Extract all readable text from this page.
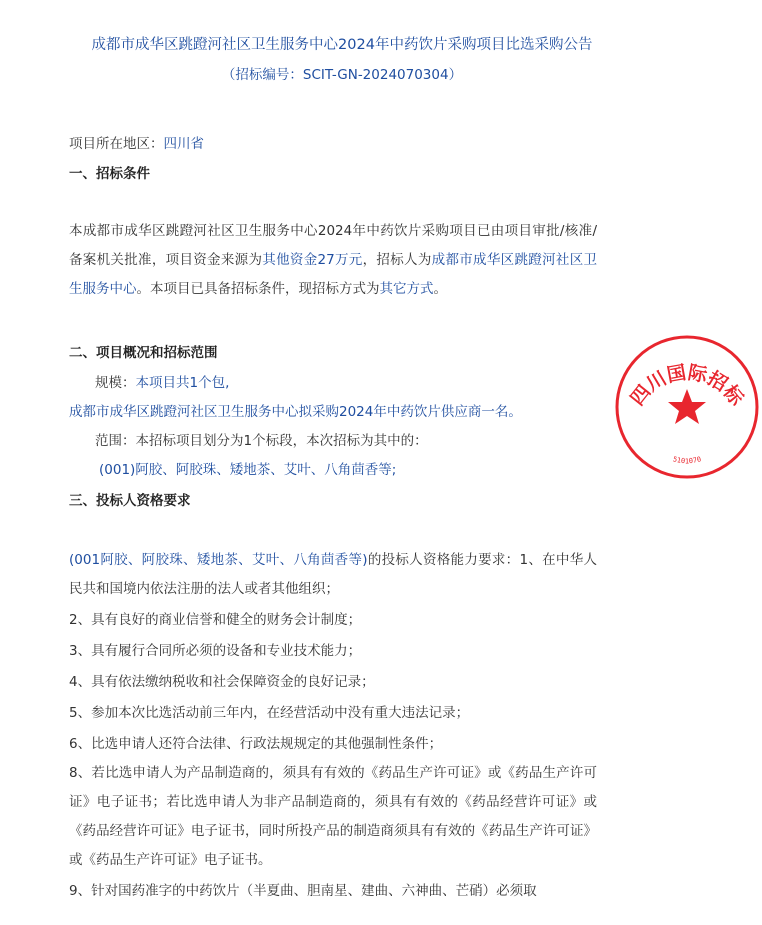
成都市成华区跳蹬河社区卫生服务中心2024年中药饮片采购项目比选采购公告
（招标编号：SCIT-GN-2024070304）
项目所在地区：四川省
一、招标条件
本成都市成华区跳蹬河社区卫生服务中心2024年中药饮片采购项目已由项目审批/核准/备案机关批准，项目资金来源为其他资金27万元，招标人为成都市成华区跳蹬河社区卫生服务中心。本项目已具备招标条件，现招标方式为其它方式。
二、项目概况和招标范围
规模：本项目共1个包,
成都市成华区跳蹬河社区卫生服务中心拟采购2024年中药饮片供应商一名。
范围：本招标项目划分为1个标段，本次招标为其中的：
(001)阿胶、阿胶珠、矮地茶、艾叶、八角茴香等;
三、投标人资格要求
(001阿胶、阿胶珠、矮地茶、艾叶、八角茴香等)的投标人资格能力要求：1、在中华人民共和国境内依法注册的法人或者其他组织；
2、具有良好的商业信誉和健全的财务会计制度；
3、具有履行合同所必须的设备和专业技术能力；
4、具有依法缴纳税收和社会保障资金的良好记录；
5、参加本次比选活动前三年内，在经营活动中没有重大违法记录；
6、比选申请人还符合法律、行政法规规定的其他强制性条件；
8、若比选申请人为产品制造商的，须具有有效的《药品生产许可证》或《药品生产许可证》电子证书；若比选申请人为非产品制造商的，须具有有效的《药品经营许可证》或《药品经营许可证》电子证书，同时所投产品的制造商须具有有效的《药品生产许可证》或《药品生产许可证》电子证书。
9、针对国药准字的中药饮片（半夏曲、胆南星、建曲、六神曲、芒硝）必须取
四川国际招标
5101070
